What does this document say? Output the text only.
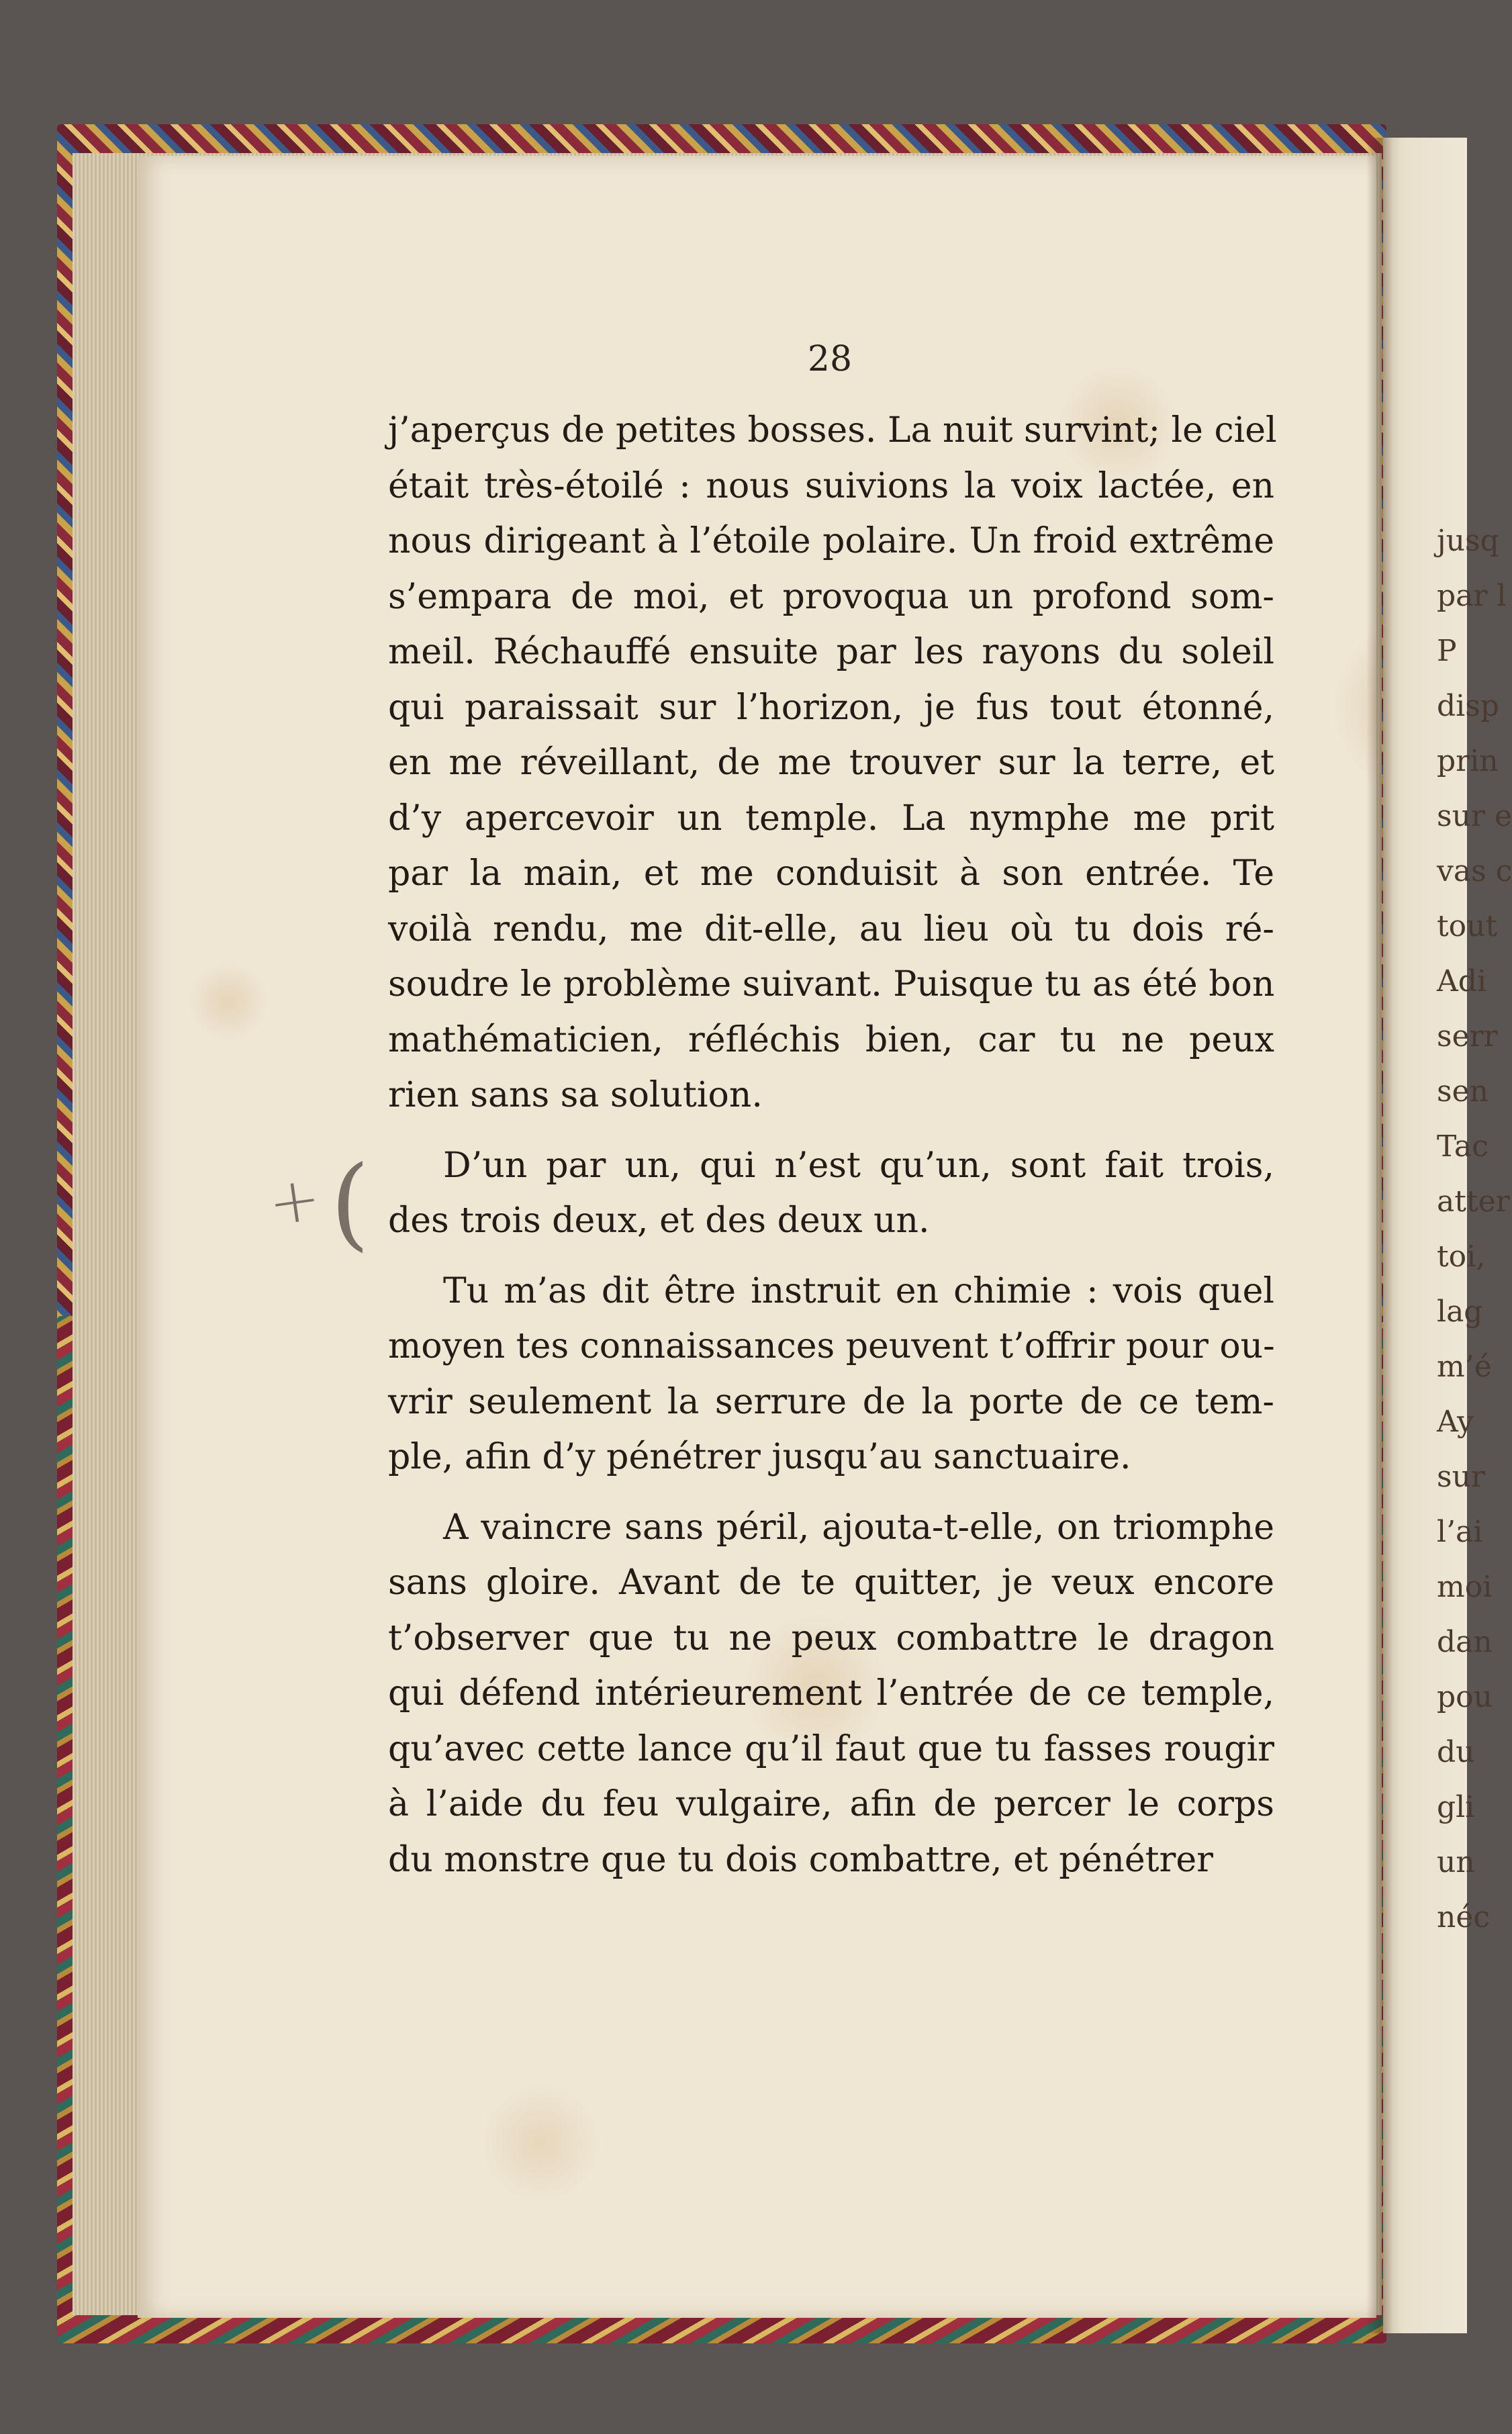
jusq
par l
P
disp
prin
sur e
vas c
tout
Adi
serr
sen
Tac
atter
toi,
lag
m’é
Ay
sur
l’ai
moi
dan
pou
du
gli
un
néc
28
j’aperçus de petites bosses. La nuit survint; le ciel
était très-étoilé : nous suivions la voix lactée, en
nous dirigeant à l’étoile polaire. Un froid extrême
s’empara de moi, et provoqua un profond som-
meil. Réchauffé ensuite par les rayons du soleil
qui paraissait sur l’horizon, je fus tout étonné,
en me réveillant, de me trouver sur la terre, et
d’y apercevoir un temple. La nymphe me prit
par la main, et me conduisit à son entrée. Te
voilà rendu, me dit-elle, au lieu où tu dois ré-
soudre le problème suivant. Puisque tu as été bon
mathématicien, réfléchis bien, car tu ne peux
rien sans sa solution.
D’un par un, qui n’est qu’un, sont fait trois,
des trois deux, et des deux un.
Tu m’as dit être instruit en chimie : vois quel
moyen tes connaissances peuvent t’offrir pour ou-
vrir seulement la serrure de la porte de ce tem-
ple, afin d’y pénétrer jusqu’au sanctuaire.
A vaincre sans péril, ajouta-t-elle, on triomphe
sans gloire. Avant de te quitter, je veux encore
t’observer que tu ne peux combattre le dragon
qui défend intérieurement l’entrée de ce temple,
qu’avec cette lance qu’il faut que tu fasses rougir
à l’aide du feu vulgaire, afin de percer le corps
du monstre que tu dois combattre, et pénétrer
+ (
